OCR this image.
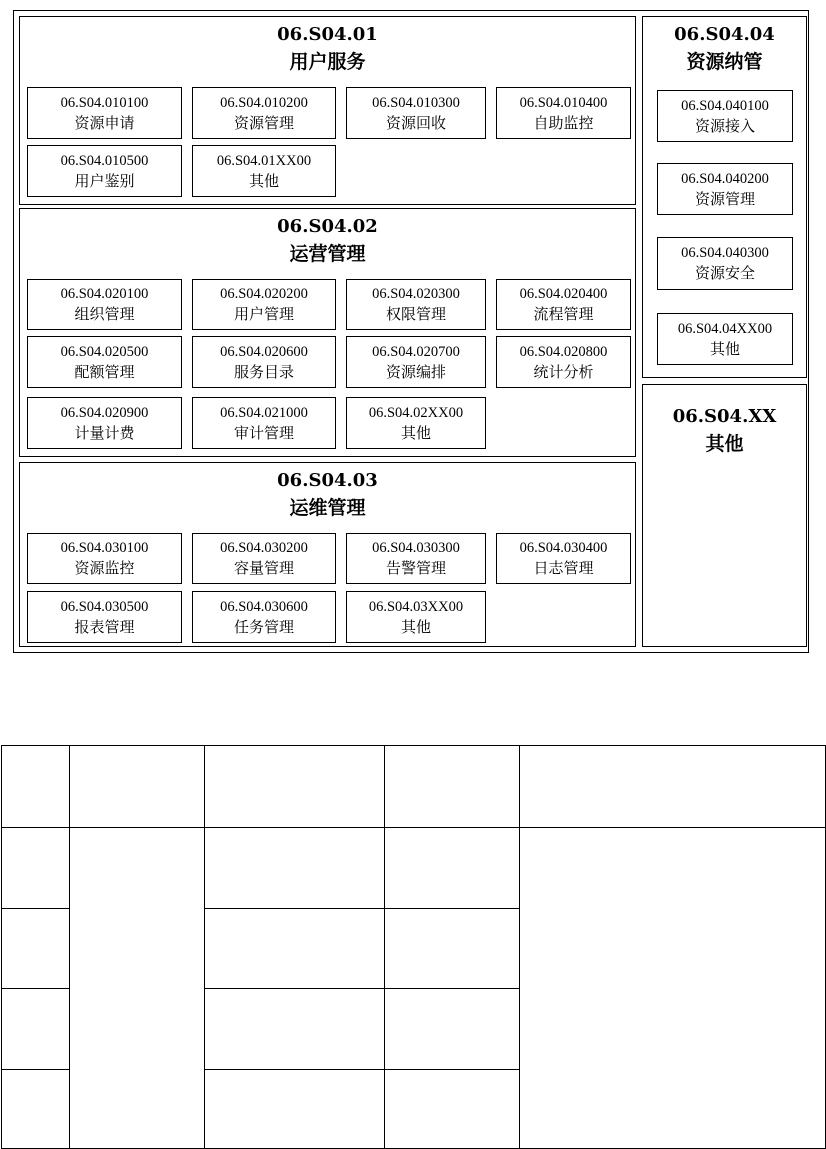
06.S04.01
用户服务
06.S04.010100
资源申请
06.S04.010200
资源管理
06.S04.010300
资源回收
06.S04.010400
自助监控
06.S04.010500
用户鉴别
06.S04.01XX00
其他
06.S04.02
运营管理
06.S04.020100
组织管理
06.S04.020200
用户管理
06.S04.020300
权限管理
06.S04.020400
流程管理
06.S04.020500
配额管理
06.S04.020600
服务目录
06.S04.020700
资源编排
06.S04.020800
统计分析
06.S04.020900
计量计费
06.S04.021000
审计管理
06.S04.02XX00
其他
06.S04.03
运维管理
06.S04.030100
资源监控
06.S04.030200
容量管理
06.S04.030300
告警管理
06.S04.030400
日志管理
06.S04.030500
报表管理
06.S04.030600
任务管理
06.S04.03XX00
其他
06.S04.04
资源纳管
06.S04.040100
资源接入
06.S04.040200
资源管理
06.S04.040300
资源安全
06.S04.04XX00
其他
06.S04.XX
其他
